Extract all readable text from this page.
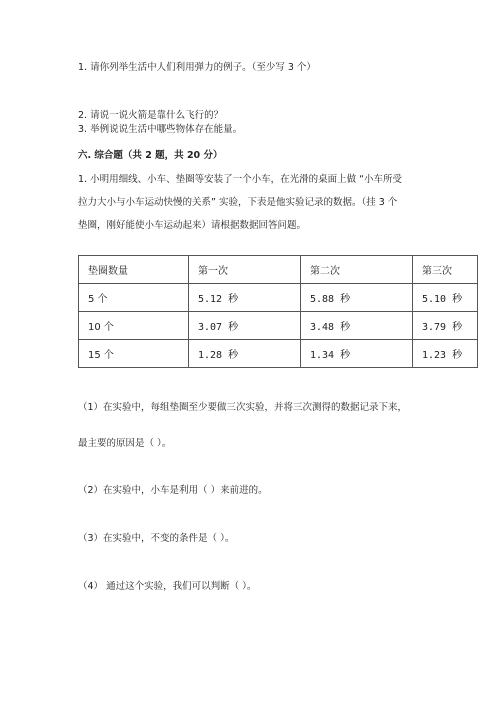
1. 请你列举生活中人们利用弹力的例子。（至少写 3 个）
2. 请说一说火箭是靠什么飞行的？
3. 举例说说生活中哪些物体存在能量。
六. 综合题（共 2 题，共 20 分）
1. 小明用细线、小车、垫圈等安装了一个小车，在光滑的桌面上做 “小车所受
拉力大小与小车运动快慢的关系” 实验，下表是他实验记录的数据。（挂 3 个
垫圈，刚好能使小车运动起来）请根据数据回答问题。
垫圈数量	第一次	第二次	第三次
5 个	5.12 秒	5.88 秒	5.10 秒
10 个	3.07 秒	3.48 秒	3.79 秒
15 个	1.28 秒	1.34 秒	1.23 秒
（1）在实验中，每组垫圈至少要做三次实验，并将三次测得的数据记录下来，
最主要的原因是（ ）。
（2）在实验中，小车是利用（ ）来前进的。
（3）在实验中，不变的条件是（ ）。
（4） 通过这个实验，我们可以判断（ ）。
